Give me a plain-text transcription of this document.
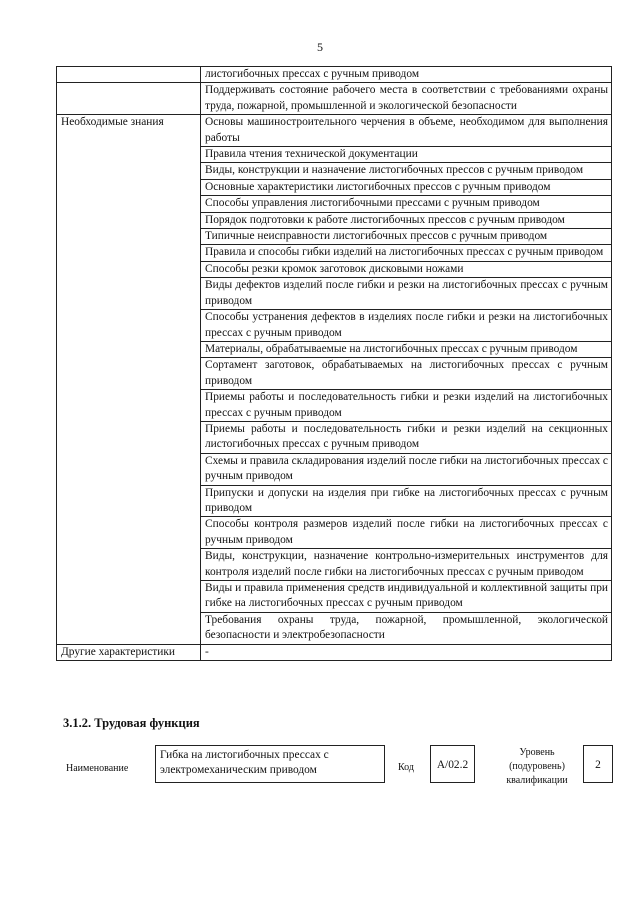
5
	листогибочных прессах с ручным приводом
	Поддерживать состояние рабочего места в соответствии с требованиями охраны труда, пожарной, промышленной и экологической безопасности
Необходимые знания	Основы машиностроительного черчения в объеме, необходимом для выполнения работы
	Правила чтения технической документации
	Виды, конструкции и назначение листогибочных прессов с ручным приводом
	Основные характеристики листогибочных прессов с ручным приводом
	Способы управления листогибочными прессами с ручным приводом
	Порядок подготовки к работе листогибочных прессов с ручным приводом
	Типичные неисправности листогибочных прессов с ручным приводом
	Правила и способы гибки изделий на листогибочных прессах с ручным приводом
	Способы резки кромок заготовок дисковыми ножами
	Виды дефектов изделий после гибки и резки на листогибочных прессах с ручным приводом
	Способы устранения дефектов в изделиях после гибки и резки на листогибочных прессах с ручным приводом
	Материалы, обрабатываемые на листогибочных прессах с ручным приводом
	Сортамент заготовок, обрабатываемых на листогибочных прессах с ручным приводом
	Приемы работы и последовательность гибки и резки изделий на листогибочных прессах с ручным приводом
	Приемы работы и последовательность гибки и резки изделий на секционных листогибочных прессах с ручным приводом
	Схемы и правила складирования изделий после гибки на листогибочных прессах с ручным приводом
	Припуски и допуски на изделия при гибке на листогибочных прессах с ручным приводом
	Способы контроля размеров изделий после гибки на листогибочных прессах с ручным приводом
	Виды, конструкции, назначение контрольно-измерительных инструментов для контроля изделий после гибки на листогибочных прессах с ручным приводом
	Виды и правила применения средств индивидуальной и коллективной защиты при гибке на листогибочных прессах с ручным приводом
	Требования охраны труда, пожарной, промышленной, экологической безопасности и электробезопасности
Другие характеристики	-
3.1.2. Трудовая функция
Наименование
Гибка на листогибочных прессах с электромеханическим приводом	Код	А/02.2
Уровень (подуровень) квалификации
2
